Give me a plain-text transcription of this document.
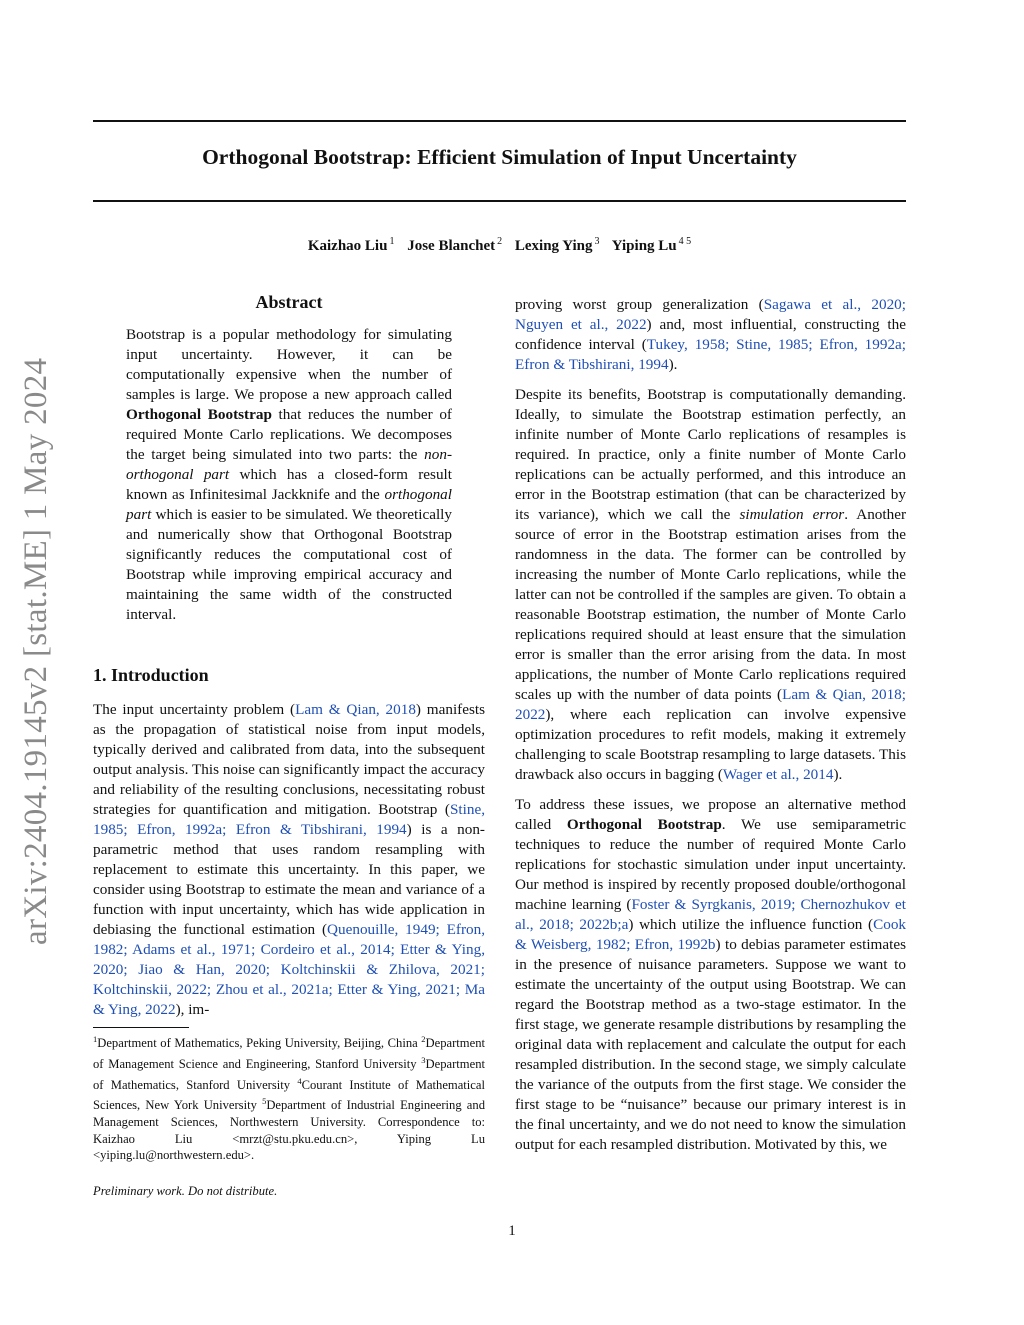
arXiv:2404.19145v2 [stat.ME] 1 May 2024
Orthogonal Bootstrap: Efficient Simulation of Input Uncertainty
Kaizhao Liu $^1$ Jose Blanchet $^2$ Lexing Ying $^3$ Yiping Lu $^{4 5}$
Abstract

Bootstrap is a popular methodology for simulating input uncertainty. However, it can be computationally expensive when the number of samples is large. We propose a new approach called Orthogonal Bootstrap that reduces the number of required Monte Carlo replications. We decomposes the target being simulated into two parts: the non-orthogonal part which has a closed-form result known as Infinitesimal Jackknife and the orthogonal part which is easier to be simulated. We theoretically and numerically show that Orthogonal Bootstrap significantly reduces the computational cost of Bootstrap while improving empirical accuracy and maintaining the same width of the constructed interval.

1. Introduction

The input uncertainty problem (Lam & Qian, 2018) manifests as the propagation of statistical noise from input models, typically derived and calibrated from data, into the subsequent output analysis. This noise can significantly impact the accuracy and reliability of the resulting conclusions, necessitating robust strategies for quantification and mitigation. Bootstrap (Stine, 1985; Efron, 1992a; Efron & Tibshirani, 1994) is a non-parametric method that uses random resampling with replacement to estimate this uncertainty. In this paper, we consider using Bootstrap to estimate the mean and variance of a function with input uncertainty, which has wide application in debiasing the functional estimation (Quenouille, 1949; Efron, 1982; Adams et al., 1971; Cordeiro et al., 2014; Etter & Ying, 2020; Jiao & Han, 2020; Koltchinskii & Zhilova, 2021; Koltchinskii, 2022; Zhou et al., 2021a; Etter & Ying, 2021; Ma & Ying, 2022), im-

$^1$Department of Mathematics, Peking University, Beijing, China $^2$Department of Management Science and Engineering, Stanford University $^3$Department of Mathematics, Stanford University $^4$Courant Institute of Mathematical Sciences, New York University $^5$Department of Industrial Engineering and Management Sciences, Northwestern University. Correspondence to: Kaizhao Liu <mrzt@stu.pku.edu.cn>, Yiping Lu <yiping.lu@northwestern.edu>.
Preliminary work. Do not distribute.

proving worst group generalization (Sagawa et al., 2020; Nguyen et al., 2022) and, most influential, constructing the confidence interval (Tukey, 1958; Stine, 1985; Efron, 1992a; Efron & Tibshirani, 1994).

Despite its benefits, Bootstrap is computationally demanding. Ideally, to simulate the Bootstrap estimation perfectly, an infinite number of Monte Carlo replications of resamples is required. In practice, only a finite number of Monte Carlo replications can be actually performed, and this introduce an error in the Bootstrap estimation (that can be characterized by its variance), which we call the simulation error. Another source of error in the Bootstrap estimation arises from the randomness in the data. The former can be controlled by increasing the number of Monte Carlo replications, while the latter can not be controlled if the samples are given. To obtain a reasonable Bootstrap estimation, the number of Monte Carlo replications required should at least ensure that the simulation error is smaller than the error arising from the data. In most applications, the number of Monte Carlo replications required scales up with the number of data points (Lam & Qian, 2018; 2022), where each replication can involve expensive optimization procedures to refit models, making it extremely challenging to scale Bootstrap resampling to large datasets. This drawback also occurs in bagging (Wager et al., 2014).

To address these issues, we propose an alternative method called Orthogonal Bootstrap. We use semiparametric techniques to reduce the number of required Monte Carlo replications for stochastic simulation under input uncertainty. Our method is inspired by recently proposed double/orthogonal machine learning (Foster & Syrgkanis, 2019; Chernozhukov et al., 2018; 2022b;a) which utilize the influence function (Cook & Weisberg, 1982; Efron, 1992b) to debias parameter estimates in the presence of nuisance parameters. Suppose we want to estimate the uncertainty of the output using Bootstrap. We can regard the Bootstrap method as a two-stage estimator. In the first stage, we generate resample distributions by resampling the original data with replacement and calculate the output for each resampled distribution. In the second stage, we simply calculate the variance of the outputs from the first stage. We consider the first stage to be “nuisance” because our primary interest is in the final uncertainty, and we do not need to know the simulation output for each resampled distribution. Motivated by this, we

1
